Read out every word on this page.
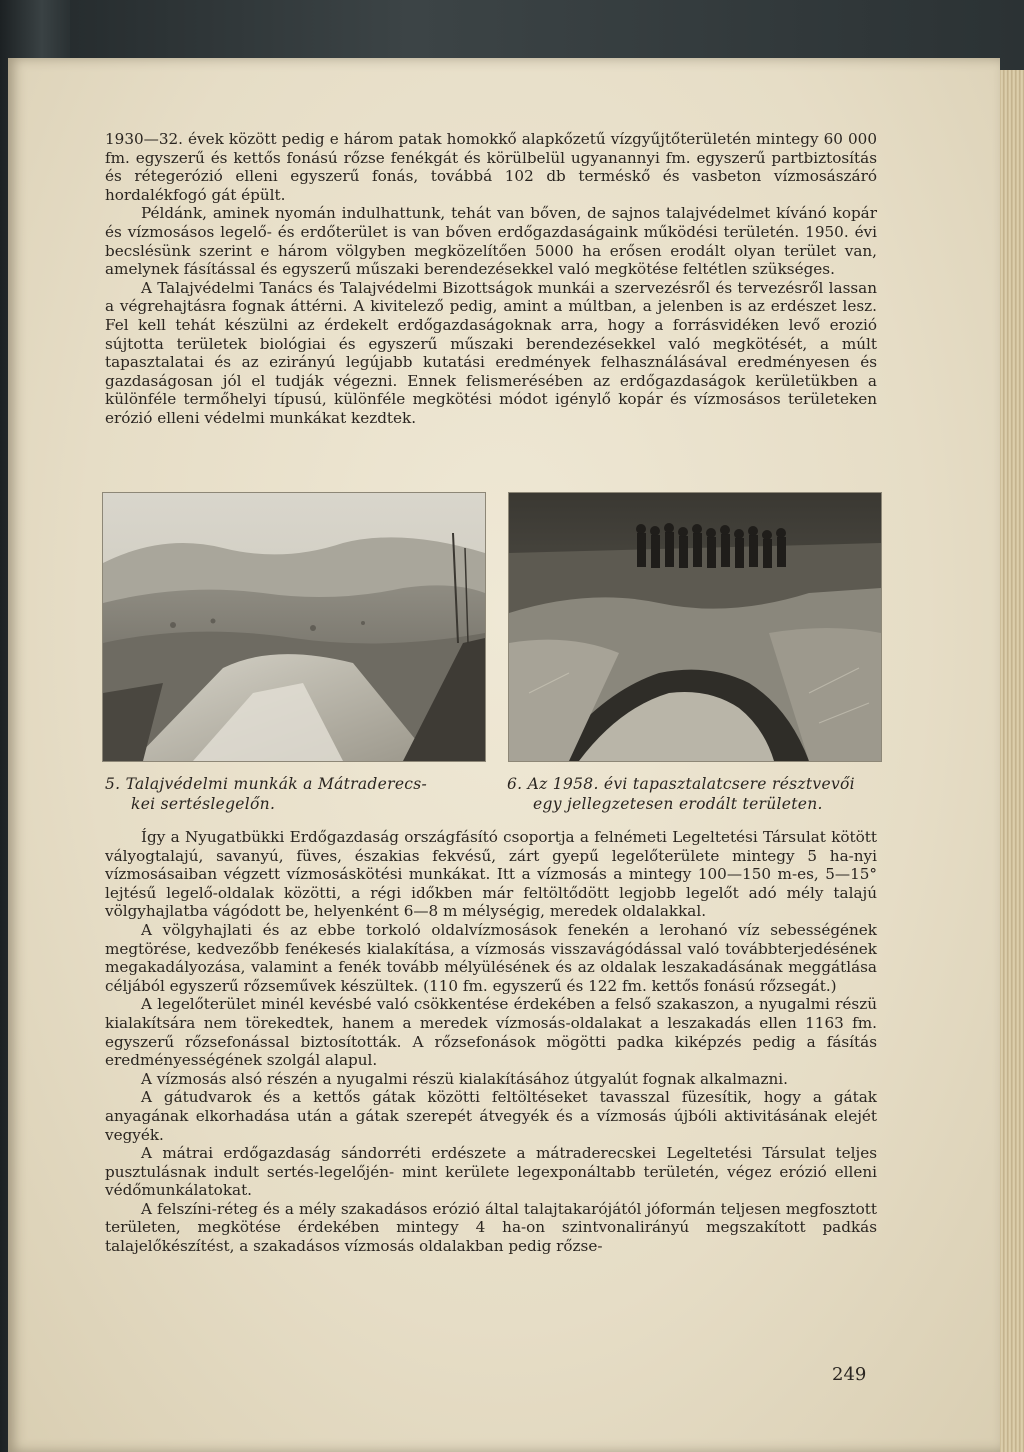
1930—32. évek között pedig e három patak homokkő alapkőzetű vízgyűjtőterületén mintegy 60 000 fm. egyszerű és kettős fonású rőzse fenékgát és körülbelül ugyanannyi fm. egyszerű partbiztosítás és rétegerózió elleni egyszerű fonás, továbbá 102 db terméskő és vasbeton vízmosászáró hordalékfogó gát épült.

Példánk, aminek nyomán indulhattunk, tehát van bőven, de sajnos talajvédelmet kívánó kopár és vízmosásos legelő- és erdőterület is van bőven erdőgazdaságaink működési területén. 1950. évi becslésünk szerint e három völgyben megközelítően 5000 ha erősen erodált olyan terület van, amelynek fásítással és egyszerű műszaki berendezésekkel való megkötése feltétlen szükséges.

A Talajvédelmi Tanács és Talajvédelmi Bizottságok munkái a szervezésről és tervezésről lassan a végrehajtásra fognak áttérni. A kivitelező pedig, amint a múltban, a jelenben is az erdészet lesz. Fel kell tehát készülni az érdekelt erdőgazdaságoknak arra, hogy a forrásvidéken levő erozió sújtotta területek biológiai és egyszerű műszaki berendezésekkel való megkötését, a múlt tapasztalatai és az ezirányú legújabb kutatási eredmények felhasználásával eredményesen és gazdaságosan jól el tudják végezni. Ennek felismerésében az erdőgazdaságok kerületükben a különféle termőhelyi típusú, különféle megkötési módot igénylő kopár és vízmosásos területeken erózió elleni védelmi munkákat kezdtek.

5. Talajvédelmi munkák a Mátraderecs-
kei sertéslegelőn.
6. Az 1958. évi tapasztalatcsere résztvevői
egy jellegzetesen erodált területen.

Így a Nyugatbükki Erdőgazdaság országfásító csoportja a felnémeti Legeltetési Társulat kötött vályogtalajú, savanyú, füves, északias fekvésű, zárt gyepű legelőterülete mintegy 5 ha-nyi vízmosásaiban végzett vízmosáskötési munkákat. Itt a vízmosás a mintegy 100—150 m-es, 5—15° lejtésű legelő-oldalak közötti, a régi időkben már feltöltődött legjobb legelőt adó mély talajú völgyhajlatba vágódott be, helyenként 6—8 m mélységig, meredek oldalakkal.

A völgyhajlati és az ebbe torkoló oldalvízmosások fenekén a lerohanó víz sebességének megtörése, kedvezőbb fenékesés kialakítása, a vízmosás visszavágódással való továbbterjedésének megakadályozása, valamint a fenék tovább mélyülésének és az oldalak leszakadásának meggátlása céljából egyszerű rőzseművek készültek. (110 fm. egyszerű és 122 fm. kettős fonású rőzsegát.)

A legelőterület minél kevésbé való csökkentése érdekében a felső szakaszon, a nyugalmi részü kialakítsára nem törekedtek, hanem a meredek vízmosás-oldalakat a leszakadás ellen 1163 fm. egyszerű rőzsefonással biztosították. A rőzsefonások mögötti padka kiképzés pedig a fásítás eredményességének szolgál alapul.

A vízmosás alsó részén a nyugalmi részü kialakításához útgyalút fognak alkalmazni.

A gátudvarok és a kettős gátak közötti feltöltéseket tavasszal füzesítik, hogy a gátak anyagának elkorhadása után a gátak szerepét átvegyék és a vízmosás újbóli aktivitásának elejét vegyék.

A mátrai erdőgazdaság sándorréti erdészete a mátraderecskei Legeltetési Társulat teljes pusztulásnak indult sertés-legelőjén- mint kerülete legexponáltabb területén, végez erózió elleni védőmunkálatokat.

A felszíni-réteg és a mély szakadásos erózió által talajtakarójától jóformán teljesen megfosztott területen, megkötése érdekében mintegy 4 ha-on szintvonalirányú megszakított padkás talajelőkészítést, a szakadásos vízmosás oldalakban pedig rőzse-

249
